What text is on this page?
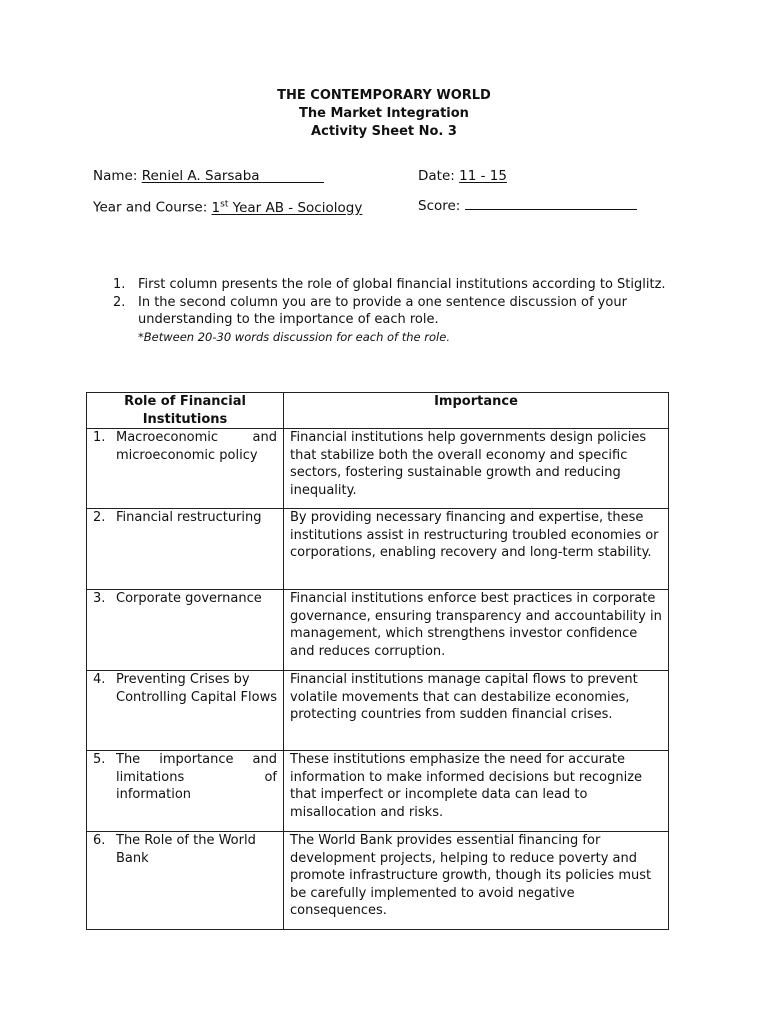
THE CONTEMPORARY WORLD
The Market Integration
Activity Sheet No. 3
Name: Reniel A. Sarsaba	Date: 11 - 15
Year and Course: 1st Year AB - Sociology	Score:
1. First column presents the role of global financial institutions according to Stiglitz.
2. In the second column you are to provide a one sentence discussion of your understanding to the importance of each role.
*Between 20-30 words discussion for each of the role.
Role of Financial Institutions	Importance

1. Macroeconomic and microeconomic policy	Financial institutions help governments design policies that stabilize both the overall economy and specific sectors, fostering sustainable growth and reducing inequality.

2. Financial restructuring	By providing necessary financing and expertise, these institutions assist in restructuring troubled economies or corporations, enabling recovery and long-term stability.

3. Corporate governance	Financial institutions enforce best practices in corporate governance, ensuring transparency and accountability in management, which strengthens investor confidence and reduces corruption.

4. Preventing Crises by Controlling Capital Flows	Financial institutions manage capital flows to prevent volatile movements that can destabilize economies, protecting countries from sudden financial crises.

5. The importance and limitations of information	These institutions emphasize the need for accurate information to make informed decisions but recognize that imperfect or incomplete data can lead to misallocation and risks.

6. The Role of the World Bank	The World Bank provides essential financing for development projects, helping to reduce poverty and promote infrastructure growth, though its policies must be carefully implemented to avoid negative consequences.
